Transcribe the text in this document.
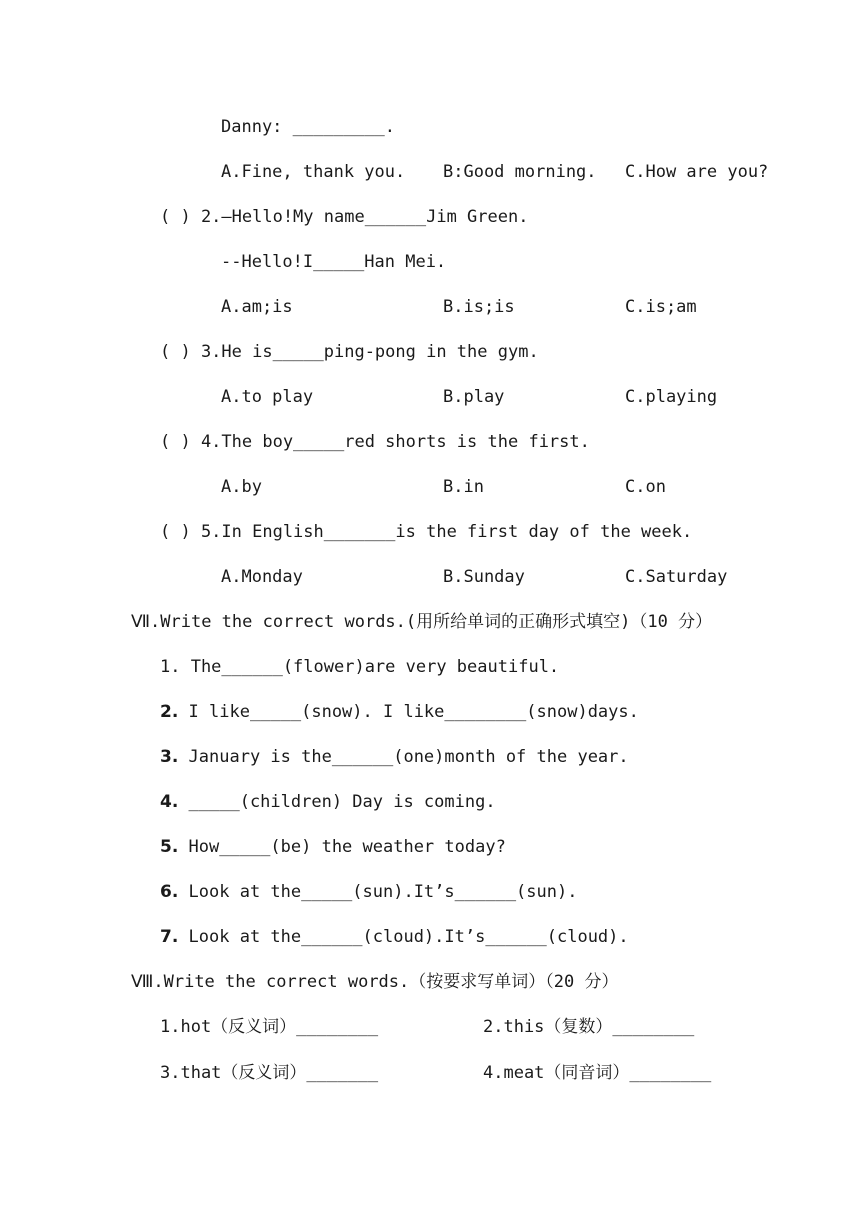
Danny: _________.
A.Fine, thank you. B:Good morning. C.How are you?
( ) 2.—Hello!My name______Jim Green.
--Hello!I_____Han Mei.
A.am;is	B.is;is	C.is;am
( ) 3.He is_____ping-pong in the gym.
A.to play	B.play	C.playing
( ) 4.The boy_____red shorts is the first.
A.by	B.in	C.on
( ) 5.In English_______is the first day of the week.
A.Monday	B.Sunday	C.Saturday
Ⅶ.Write the correct words.(用所给单词的正确形式填空)（10 分）
1. The______(flower)are very beautiful.
2. I like_____(snow). I like________(snow)days.
3. January is the______(one)month of the year.
4. _____(children) Day is coming.
5. How_____(be) the weather today?
6. Look at the_____(sun).It’s______(sun).
7. Look at the______(cloud).It’s______(cloud).
Ⅷ.Write the correct words.（按要求写单词）（20 分）
1.hot（反义词）________	2.this（复数）________
3.that（反义词）_______	4.meat（同音词）________
